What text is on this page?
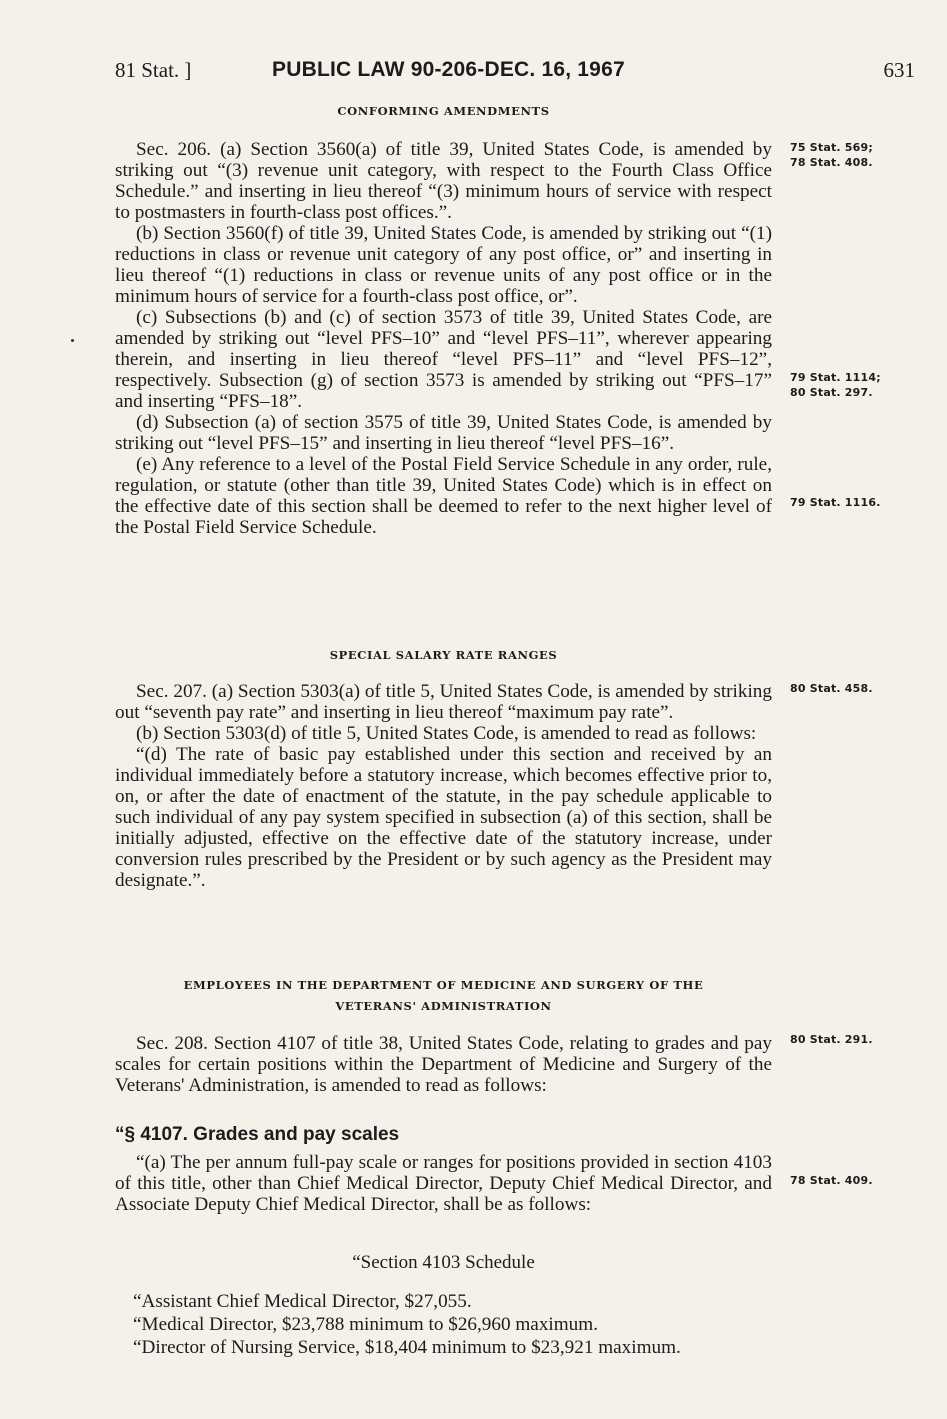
81 Stat. ]	PUBLIC LAW 90-206-DEC. 16, 1967	631
CONFORMING AMENDMENTS

Sec. 206. (a) Section 3560(a) of title 39, United States Code, is amended by striking out “(3) revenue unit category, with respect to the Fourth Class Office Schedule.” and inserting in lieu thereof “(3) minimum hours of service with respect to postmasters in fourth-class post offices.”.

(b) Section 3560(f) of title 39, United States Code, is amended by striking out “(1) reductions in class or revenue unit category of any post office, or” and inserting in lieu thereof “(1) reductions in class or revenue units of any post office or in the minimum hours of service for a fourth-class post office, or”.

(c) Subsections (b) and (c) of section 3573 of title 39, United States Code, are amended by striking out “level PFS–10” and “level PFS–11”, wherever appearing therein, and inserting in lieu thereof “level PFS–11” and “level PFS–12”, respectively. Subsection (g) of section 3573 is amended by striking out “PFS–17” and inserting “PFS–18”.

(d) Subsection (a) of section 3575 of title 39, United States Code, is amended by striking out “level PFS–15” and inserting in lieu thereof “level PFS–16”.

(e) Any reference to a level of the Postal Field Service Schedule in any order, rule, regulation, or statute (other than title 39, United States Code) which is in effect on the effective date of this section shall be deemed to refer to the next higher level of the Postal Field Service Schedule.

SPECIAL SALARY RATE RANGES

Sec. 207. (a) Section 5303(a) of title 5, United States Code, is amended by striking out “seventh pay rate” and inserting in lieu thereof “maximum pay rate”.

(b) Section 5303(d) of title 5, United States Code, is amended to read as follows:

“(d) The rate of basic pay established under this section and received by an individual immediately before a statutory increase, which becomes effective prior to, on, or after the date of enactment of the statute, in the pay schedule applicable to such individual of any pay system specified in subsection (a) of this section, shall be initially adjusted, effective on the effective date of the statutory increase, under conversion rules prescribed by the President or by such agency as the President may designate.”.

EMPLOYEES IN THE DEPARTMENT OF MEDICINE AND SURGERY OF THE
VETERANS' ADMINISTRATION

Sec. 208. Section 4107 of title 38, United States Code, relating to grades and pay scales for certain positions within the Department of Medicine and Surgery of the Veterans' Administration, is amended to read as follows:

“§ 4107. Grades and pay scales

“(a) The per annum full-pay scale or ranges for positions provided in section 4103 of this title, other than Chief Medical Director, Deputy Chief Medical Director, and Associate Deputy Chief Medical Director, shall be as follows:

“Section 4103 Schedule
“Assistant Chief Medical Director, $27,055.
“Medical Director, $23,788 minimum to $26,960 maximum.
“Director of Nursing Service, $18,404 minimum to $23,921 maximum.
75 Stat. 569;
78 Stat. 408.
79 Stat. 1114;
80 Stat. 297.
79 Stat. 1116.
80 Stat. 458.
80 Stat. 291.
78 Stat. 409.
